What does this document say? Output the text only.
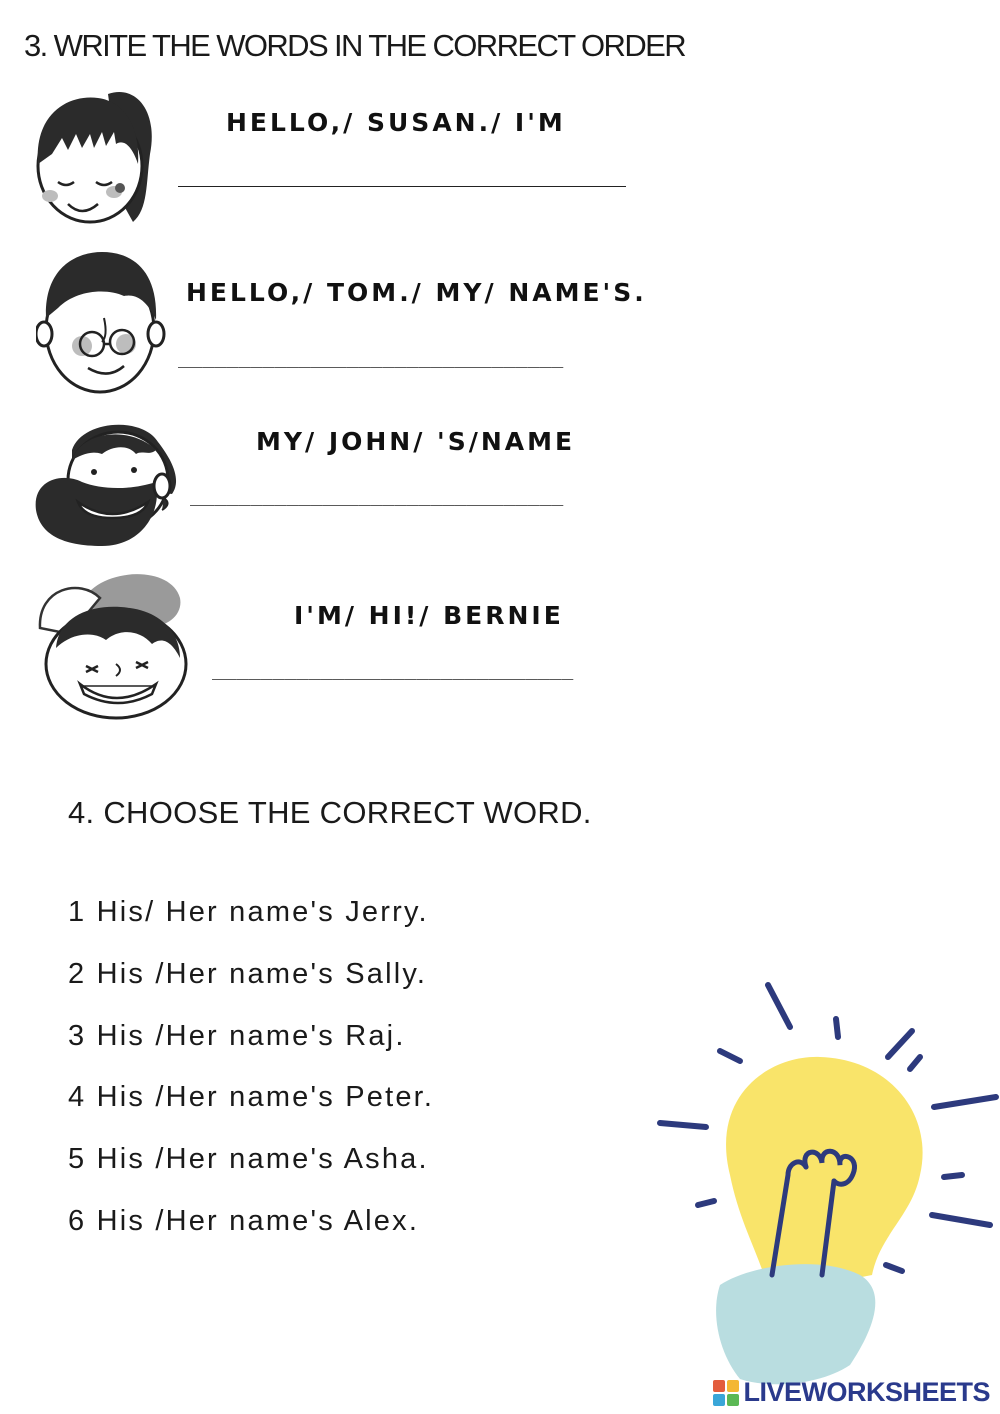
3. WRITE THE WORDS IN THE CORRECT ORDER
HELLO,/ SUSAN./ I'M
HELLO,/ TOM./ MY/ NAME'S.
________________________________
MY/ JOHN/ 'S/NAME
_______________________________
I'M/ HI!/ BERNIE
______________________________
4. CHOOSE THE CORRECT WORD.
1 His/ Her name's Jerry.
2 His /Her name's Sally.
3 His /Her name's Raj.
4 His /Her name's Peter.
5 His /Her name's Asha.
6 His /Her name's Alex.
LIVEWORKSHEETS
